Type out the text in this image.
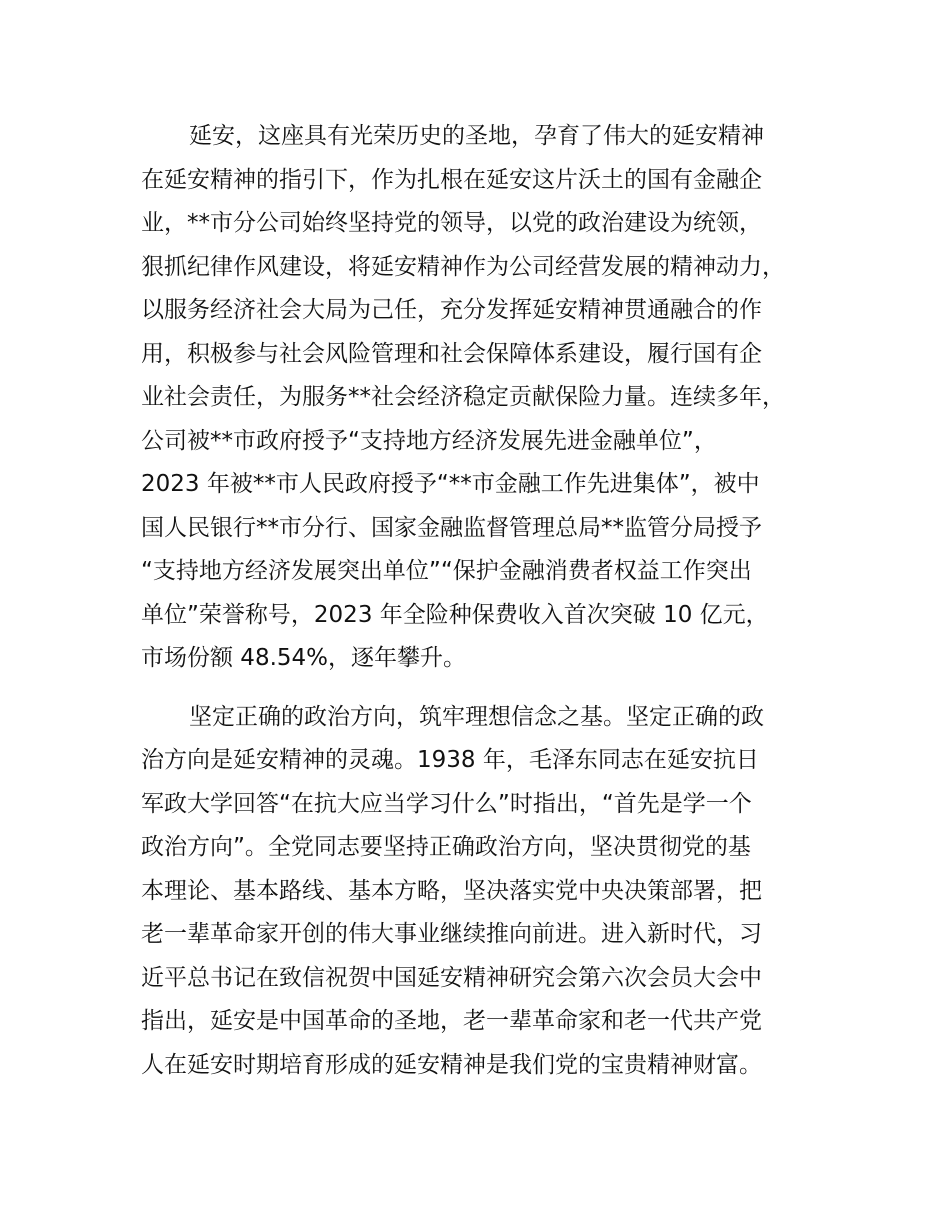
延安，这座具有光荣历史的圣地，孕育了伟大的延安精神
在延安精神的指引下，作为扎根在延安这片沃土的国有金融企
业，**市分公司始终坚持党的领导，以党的政治建设为统领，
狠抓纪律作风建设，将延安精神作为公司经营发展的精神动力，
以服务经济社会大局为己任，充分发挥延安精神贯通融合的作
用，积极参与社会风险管理和社会保障体系建设，履行国有企
业社会责任，为服务**社会经济稳定贡献保险力量。连续多年，
公司被**市政府授予“支持地方经济发展先进金融单位”，
2023 年被**市人民政府授予“**市金融工作先进集体”，被中
国人民银行**市分行、国家金融监督管理总局**监管分局授予
“支持地方经济发展突出单位”“保护金融消费者权益工作突出
单位”荣誉称号，2023 年全险种保费收入首次突破 10 亿元，
市场份额 48.54%，逐年攀升。

坚定正确的政治方向，筑牢理想信念之基。坚定正确的政
治方向是延安精神的灵魂。1938 年，毛泽东同志在延安抗日
军政大学回答“在抗大应当学习什么”时指出，“首先是学一个
政治方向”。全党同志要坚持正确政治方向，坚决贯彻党的基
本理论、基本路线、基本方略，坚决落实党中央决策部署，把
老一辈革命家开创的伟大事业继续推向前进。进入新时代，习
近平总书记在致信祝贺中国延安精神研究会第六次会员大会中
指出，延安是中国革命的圣地，老一辈革命家和老一代共产党
人在延安时期培育形成的延安精神是我们党的宝贵精神财富。
